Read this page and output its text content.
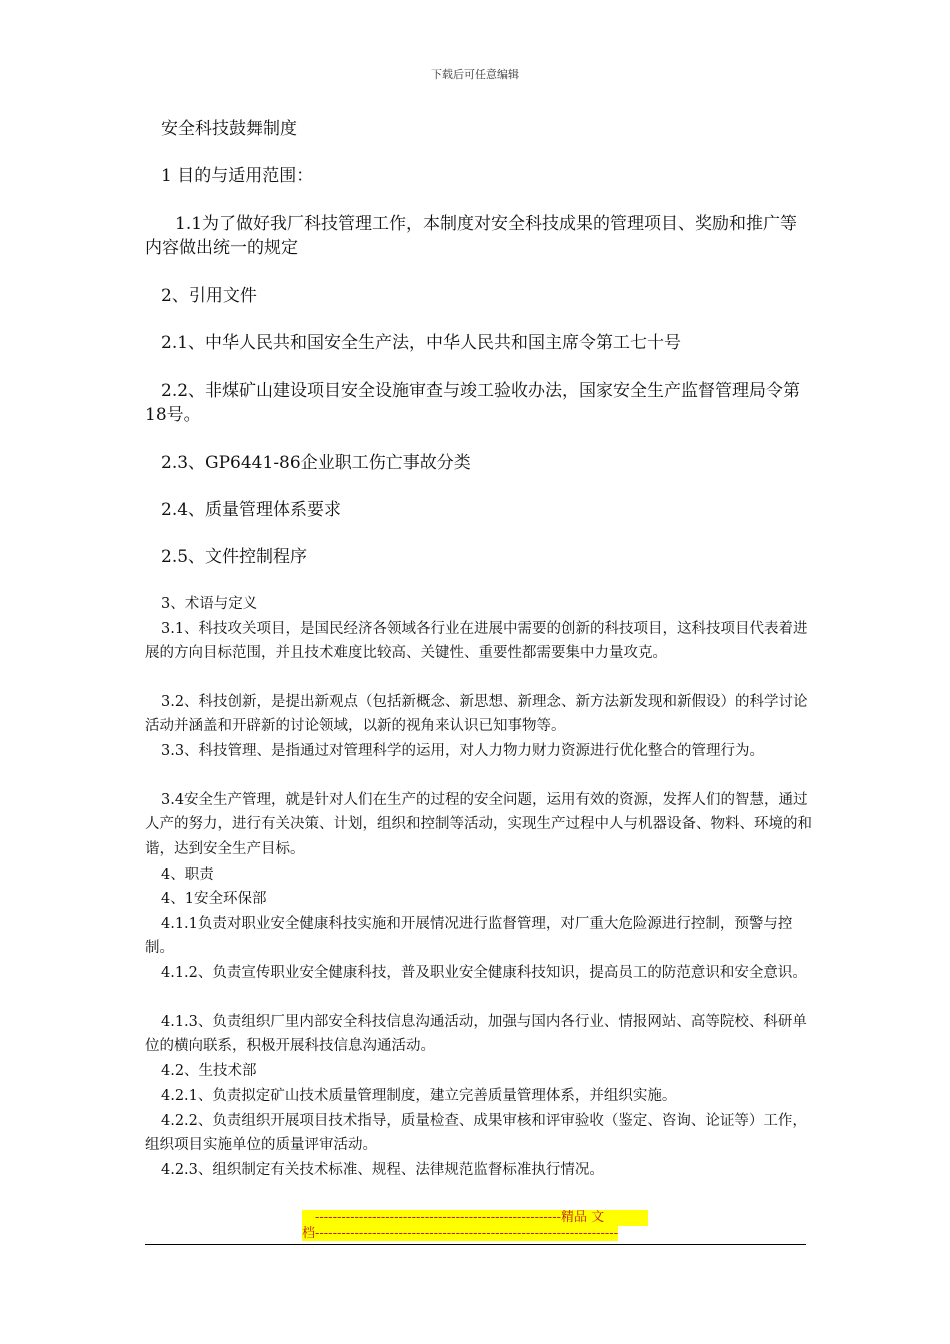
下载后可任意编辑

安全科技鼓舞制度

1 目的与适用范围：

1.1为了做好我厂科技管理工作，本制度对安全科技成果的管理项目、奖励和推广等内容做出统一的规定

2、引用文件

2.1、中华人民共和国安全生产法，中华人民共和国主席令第工七十号

2.2、非煤矿山建设项目安全设施审查与竣工验收办法，国家安全生产监督管理局令第18号。

2.3、GP6441-86企业职工伤亡事故分类

2.4、质量管理体系要求

2.5、文件控制程序

3、术语与定义

3.1、科技攻关项目，是国民经济各领域各行业在进展中需要的创新的科技项目，这科技项目代表着进展的方向目标范围，并且技术难度比较高、关键性、重要性都需要集中力量攻克。

3.2、科技创新，是提出新观点（包括新概念、新思想、新理念、新方法新发现和新假设）的科学讨论活动并涵盖和开辟新的讨论领域，以新的视角来认识已知事物等。

3.3、科技管理、是指通过对管理科学的运用，对人力物力财力资源进行优化整合的管理行为。

3.4安全生产管理，就是针对人们在生产的过程的安全问题，运用有效的资源，发挥人们的智慧，通过人产的努力，进行有关决策、计划，组织和控制等活动，实现生产过程中人与机器设备、物料、环境的和谐，达到安全生产目标。

4、职责

4、1安全环保部

4.1.1负责对职业安全健康科技实施和开展情况进行监督管理，对厂重大危险源进行控制，预警与控制。

4.1.2、负责宣传职业安全健康科技，普及职业安全健康科技知识，提高员工的防范意识和安全意识。

4.1.3、负责组织厂里内部安全科技信息沟通活动，加强与国内各行业、情报网站、高等院校、科研单位的横向联系，积极开展科技信息沟通活动。

4.2、生技术部

4.2.1、负责拟定矿山技术质量管理制度，建立完善质量管理体系，并组织实施。

4.2.2、负责组织开展项目技术指导，质量检查、成果审核和评审验收（鉴定、咨询、论证等）工作，组织项目实施单位的质量评审活动。

4.2.3、组织制定有关技术标准、规程、法律规范监督标准执行情况。

--------------------------------------------------------精品 文
档---------------------------------------------------------------------
